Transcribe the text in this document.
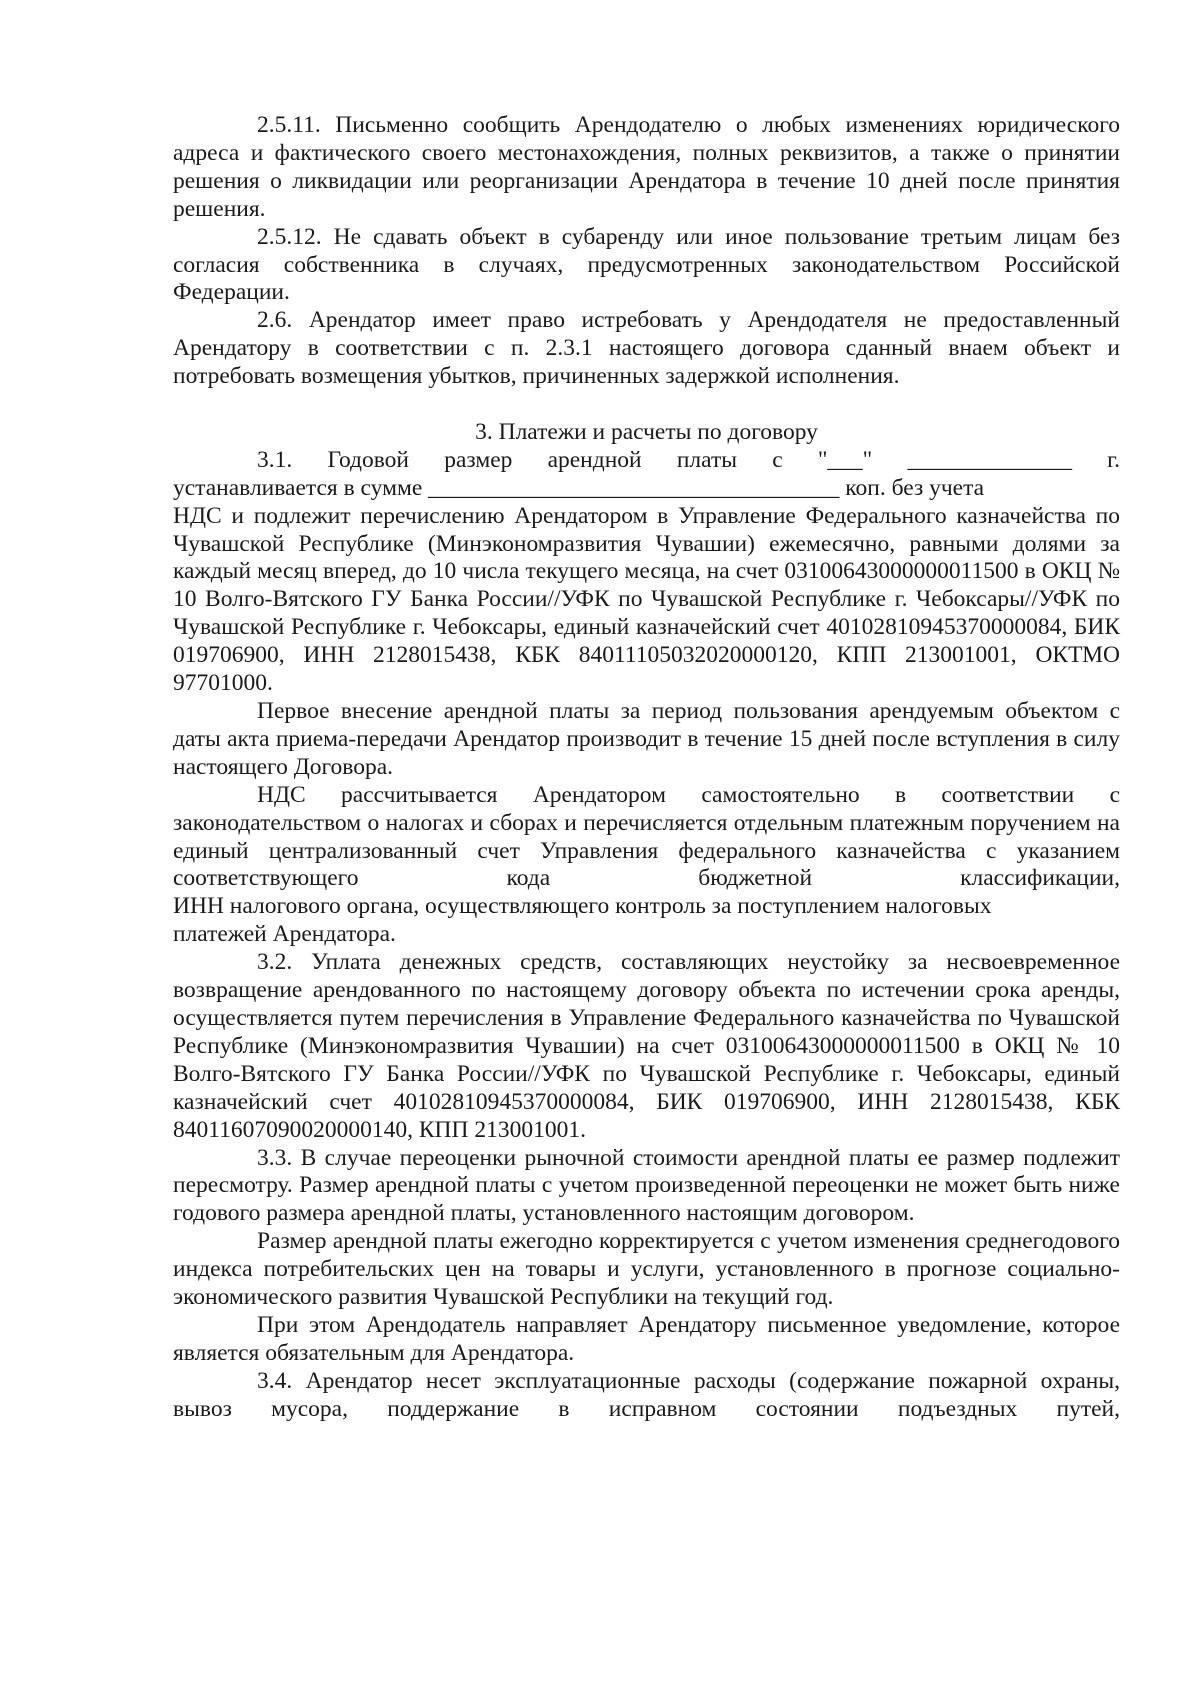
2.5.11. Письменно сообщить Арендодателю о любых изменениях юридического адреса и фактического своего местонахождения, полных реквизитов, а также о принятии решения о ликвидации или реорганизации Арендатора в течение 10 дней после принятия решения.

2.5.12. Не сдавать объект в субаренду или иное пользование третьим лицам без согласия собственника в случаях, предусмотренных законодательством Российской Федерации.

2.6. Арендатор имеет право истребовать у Арендодателя не предоставленный Арендатору в соответствии с п. 2.3.1 настоящего договора сданный внаем объект и потребовать возмещения убытков, причиненных задержкой исполнения.

3. Платежи и расчеты по договору

3.1. Годовой размер арендной платы с "___" ______________ г.

устанавливается в сумме ___________________________________ коп. без учета

НДС и подлежит перечислению Арендатором в Управление Федерального казначейства по Чувашской Республике (Минэкономразвития Чувашии) ежемесячно, равными долями за каждый месяц вперед, до 10 числа текущего месяца, на счет 03100643000000011500 в ОКЦ № 10 Волго-Вятского ГУ Банка России//УФК по Чувашской Республике г. Чебоксары//УФК по Чувашской Республике г. Чебоксары, единый казначейский счет 40102810945370000084, БИК 019706900, ИНН 2128015438, КБК 84011105032020000120, КПП 213001001, ОКТМО 97701000.

Первое внесение арендной платы за период пользования арендуемым объектом с даты акта приема-передачи Арендатор производит в течение 15 дней после вступления в силу настоящего Договора.

НДС рассчитывается Арендатором самостоятельно в соответствии с законодательством о налогах и сборах и перечисляется отдельным платежным поручением на единый централизованный счет Управления федерального казначейства с указанием соответствующего кода бюджетной классификации,

ИНН налогового органа, осуществляющего контроль за поступлением налоговых

платежей Арендатора.

3.2. Уплата денежных средств, составляющих неустойку за несвоевременное возвращение арендованного по настоящему договору объекта по истечении срока аренды, осуществляется путем перечисления в Управление Федерального казначейства по Чувашской Республике (Минэкономразвития Чувашии) на счет 03100643000000011500 в ОКЦ № 10 Волго-Вятского ГУ Банка России//УФК по Чувашской Республике г. Чебоксары, единый казначейский счет 40102810945370000084, БИК 019706900, ИНН 2128015438, КБК 84011607090020000140, КПП 213001001.

3.3. В случае переоценки рыночной стоимости арендной платы ее размер подлежит пересмотру. Размер арендной платы с учетом произведенной переоценки не может быть ниже годового размера арендной платы, установленного настоящим договором.

Размер арендной платы ежегодно корректируется с учетом изменения среднегодового индекса потребительских цен на товары и услуги, установленного в прогнозе социально-экономического развития Чувашской Республики на текущий год.

При этом Арендодатель направляет Арендатору письменное уведомление, которое является обязательным для Арендатора.

3.4. Арендатор несет эксплуатационные расходы (содержание пожарной охраны, вывоз мусора, поддержание в исправном состоянии подъездных путей,
